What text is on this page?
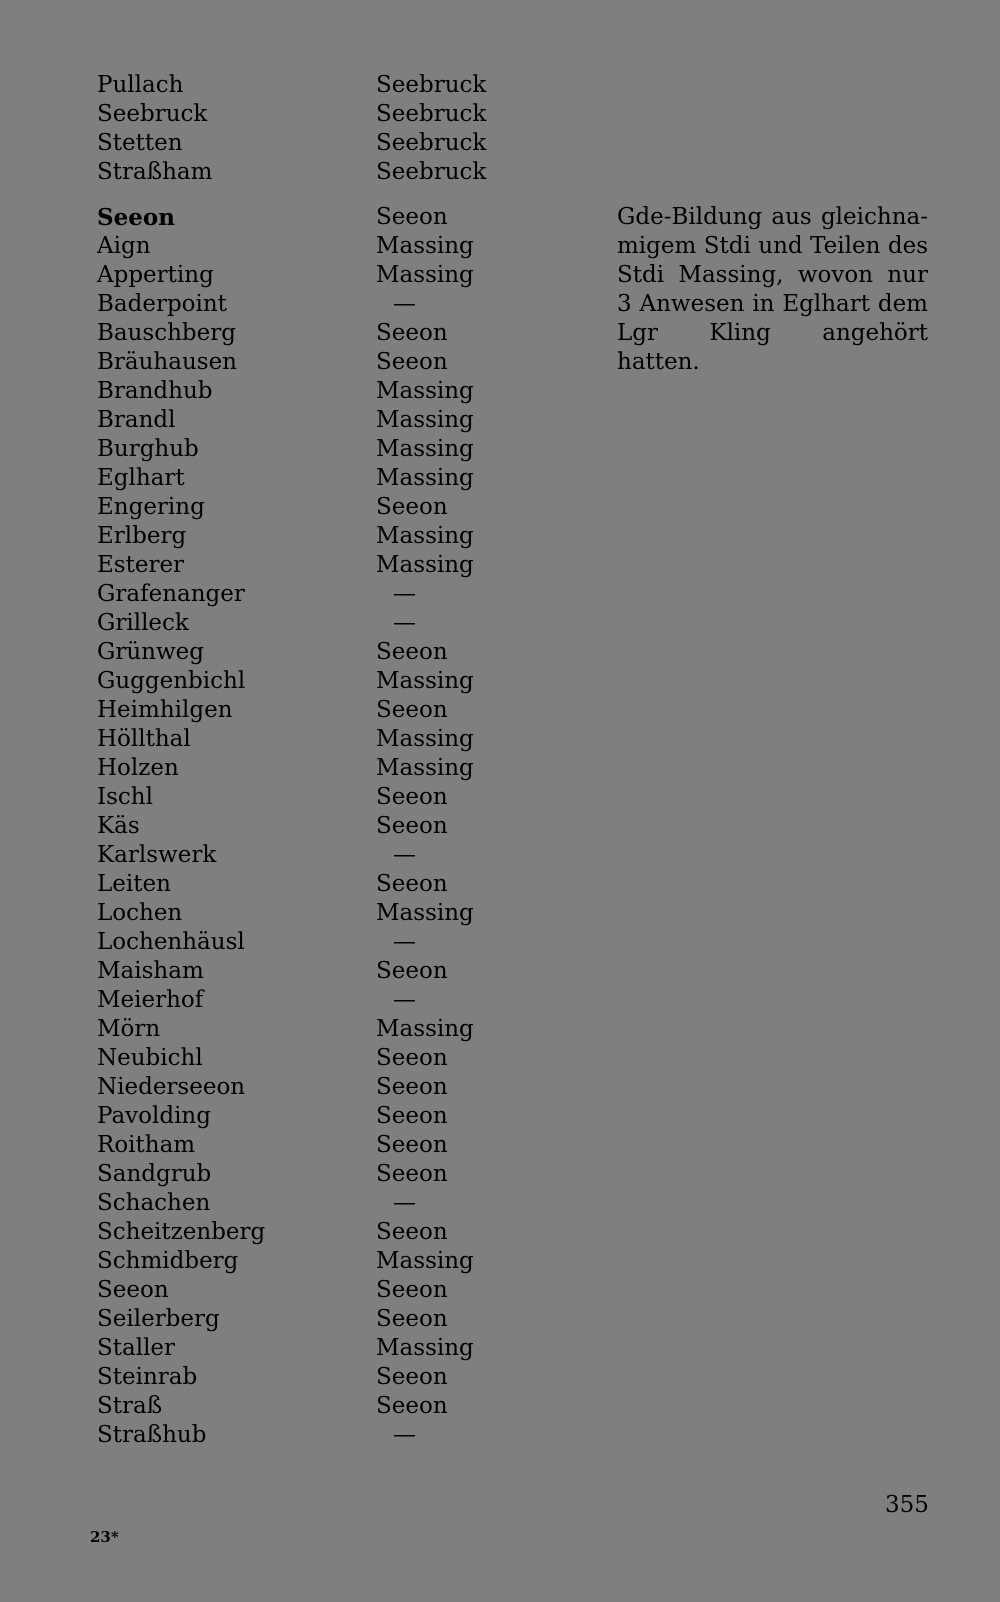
Pullach	Seebruck
Seebruck	Seebruck
Stetten	Seebruck
Straßham	Seebruck
Seeon	Seeon
Aign	Massing
Apperting	Massing
Baderpoint	—
Bauschberg	Seeon
Bräuhausen	Seeon
Brandhub	Massing
Brandl	Massing
Burghub	Massing
Eglhart	Massing
Engering	Seeon
Erlberg	Massing
Esterer	Massing
Grafenanger	—
Grilleck	—
Grünweg	Seeon
Guggenbichl	Massing
Heimhilgen	Seeon
Höllthal	Massing
Holzen	Massing
Ischl	Seeon
Käs	Seeon
Karlswerk	—
Leiten	Seeon
Lochen	Massing
Lochenhäusl	—
Maisham	Seeon
Meierhof	—
Mörn	Massing
Neubichl	Seeon
Niederseeon	Seeon
Pavolding	Seeon
Roitham	Seeon
Sandgrub	Seeon
Schachen	—
Scheitzenberg	Seeon
Schmidberg	Massing
Seeon	Seeon
Seilerberg	Seeon
Staller	Massing
Steinrab	Seeon
Straß	Seeon
Straßhub	—
Gde-Bildung aus gleichna-
migem Stdi und Teilen des
Stdi Massing, wovon nur
3 Anwesen in Eglhart dem
Lgr Kling angehört hatten.
355
23*
